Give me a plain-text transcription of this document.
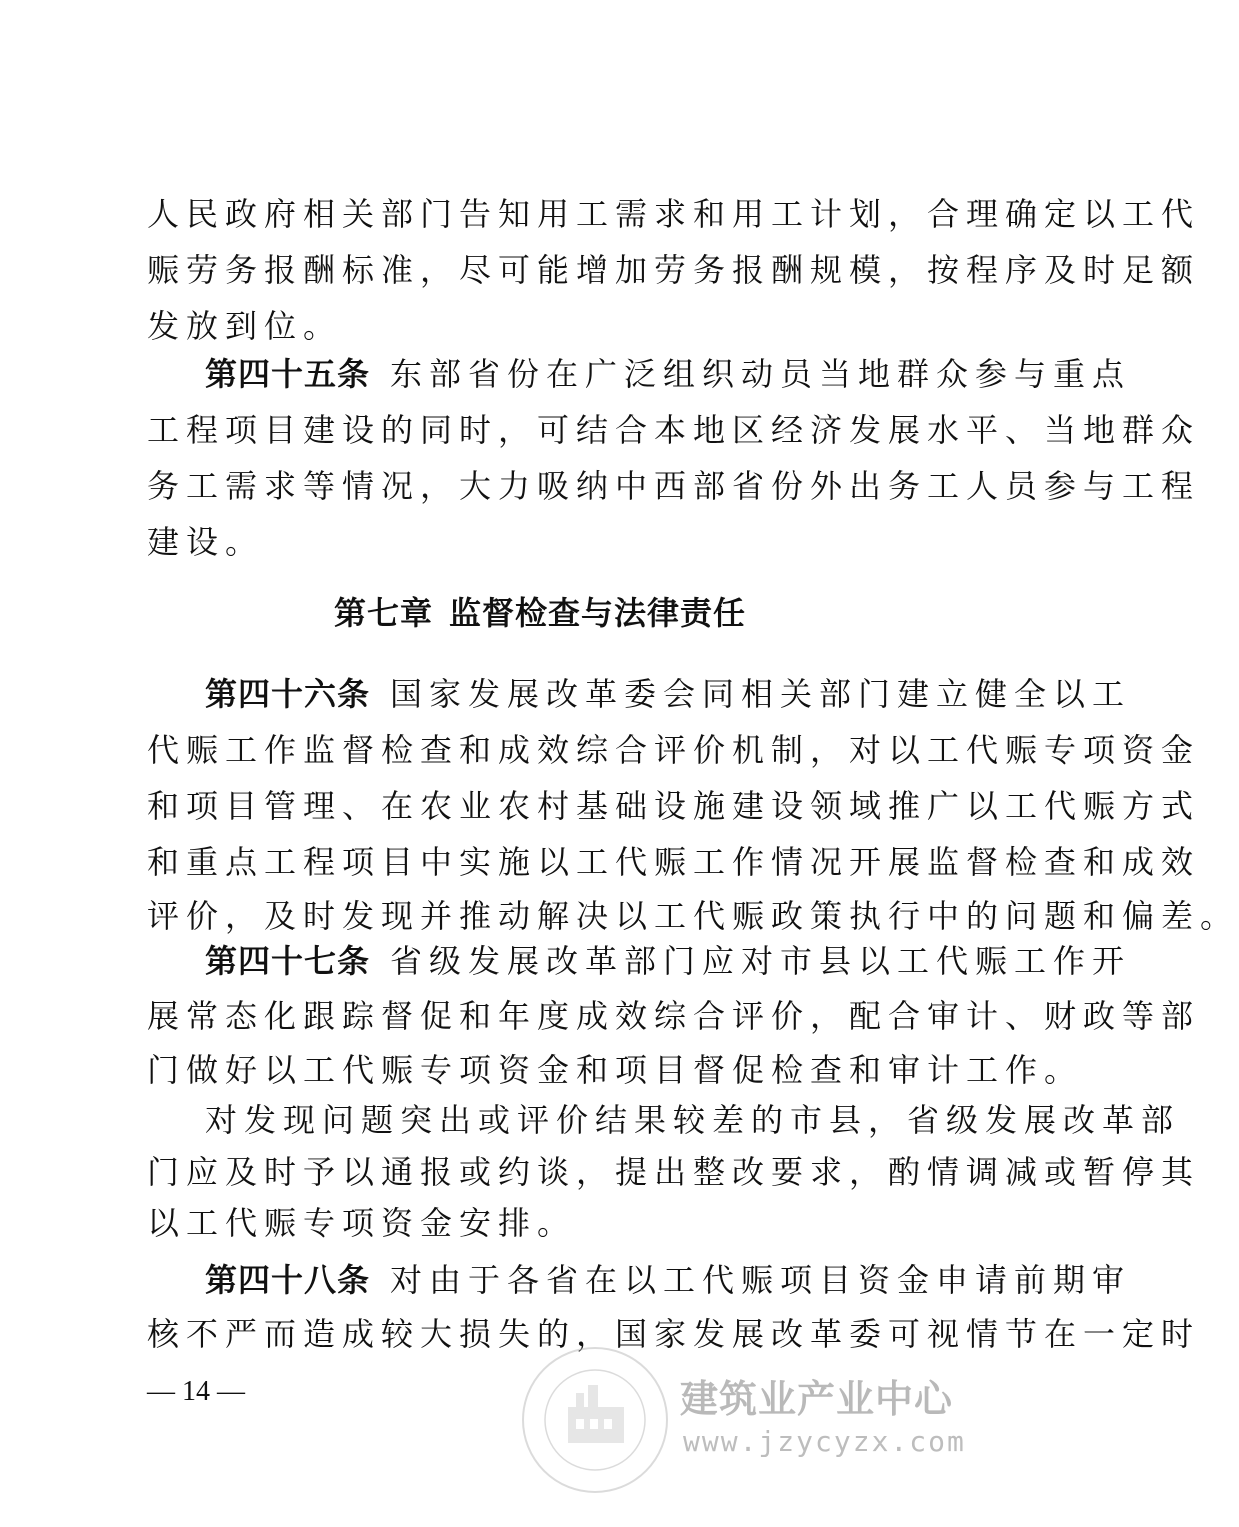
人民政府相关部门告知用工需求和用工计划，合理确定以工代
赈劳务报酬标准，尽可能增加劳务报酬规模，按程序及时足额
发放到位。
第四十五条 东部省份在广泛组织动员当地群众参与重点
工程项目建设的同时，可结合本地区经济发展水平、当地群众
务工需求等情况，大力吸纳中西部省份外出务工人员参与工程
建设。
第七章 监督检查与法律责任
第四十六条 国家发展改革委会同相关部门建立健全以工
代赈工作监督检查和成效综合评价机制，对以工代赈专项资金
和项目管理、在农业农村基础设施建设领域推广以工代赈方式
和重点工程项目中实施以工代赈工作情况开展监督检查和成效
评价，及时发现并推动解决以工代赈政策执行中的问题和偏差。
第四十七条 省级发展改革部门应对市县以工代赈工作开
展常态化跟踪督促和年度成效综合评价，配合审计、财政等部
门做好以工代赈专项资金和项目督促检查和审计工作。
对发现问题突出或评价结果较差的市县，省级发展改革部
门应及时予以通报或约谈，提出整改要求，酌情调减或暂停其
以工代赈专项资金安排。
第四十八条 对由于各省在以工代赈项目资金申请前期审
核不严而造成较大损失的，国家发展改革委可视情节在一定时
— 14 —	建筑业产业中心
www.jzycyzx.com
